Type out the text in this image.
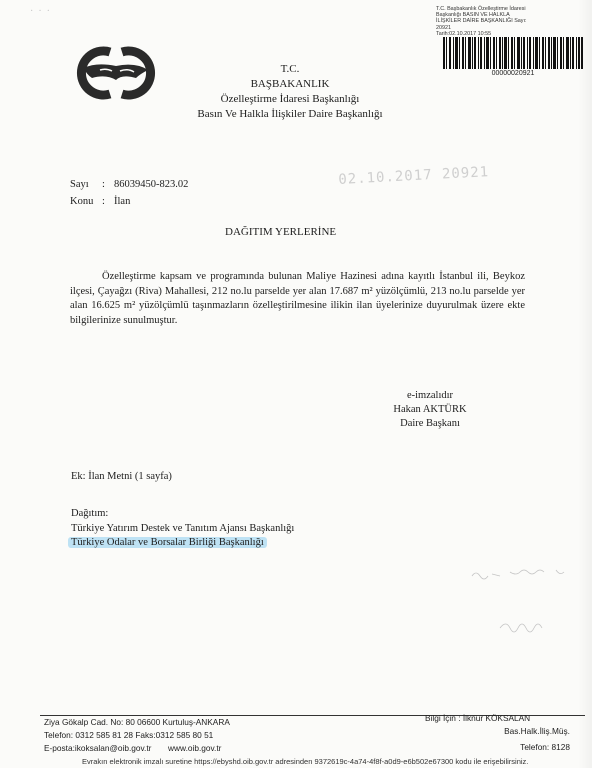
·  ·  ·	T.C. Başbakanlık Özelleştirme İdaresi
Başkanlığı BASIN VE HALKLA
İLİŞKİLER DAİRE BAŞKANLIĞI Sayı:
20921
Tarih:02.10.2017 10:55
00000020921
T.C.
BAŞBAKANLIK
Özelleştirme İdaresi Başkanlığı
Basın Ve Halkla İlişkiler Daire Başkanlığı
02.10.2017 20921
Sayı : 86039450-823.02
Konu : İlan
DAĞITIM YERLERİNE
Özelleştirme kapsam ve programında bulunan Maliye Hazinesi adına kayıtlı İstanbul ili, Beykoz ilçesi, Çayağzı (Riva) Mahallesi, 212 no.lu parselde yer alan 17.687 m² yüzölçümlü, 213 no.lu parselde yer alan 16.625 m² yüzölçümlü taşınmazların özelleştirilmesine ilikin ilan üyelerinize duyurulmak üzere ekte bilgilerinize sunulmuştur.
e-imzalıdır
Hakan AKTÜRK
Daire Başkanı
Ek: İlan Metni (1 sayfa)
Dağıtım:
Türkiye Yatırım Destek ve Tanıtım Ajansı Başkanlığı
Türkiye Odalar ve Borsalar Birliği Başkanlığı
Ziya Gökalp Cad. No: 80 06600 Kurtuluş-ANKARA
Telefon: 0312 585 81 28 Faks:0312 585 80 51
E-posta:ikoksalan@oib.gov.tr www.oib.gov.tr
Bilgi İçin : İlknur KÖKSALAN
Bas.Halk.İliş.Müş.
Telefon: 8128
Evrakın elektronik imzalı suretine https://ebyshd.oib.gov.tr adresinden 9372619c-4a74-4f8f-a0d9-e6b502e67300 kodu ile erişebilirsiniz.
